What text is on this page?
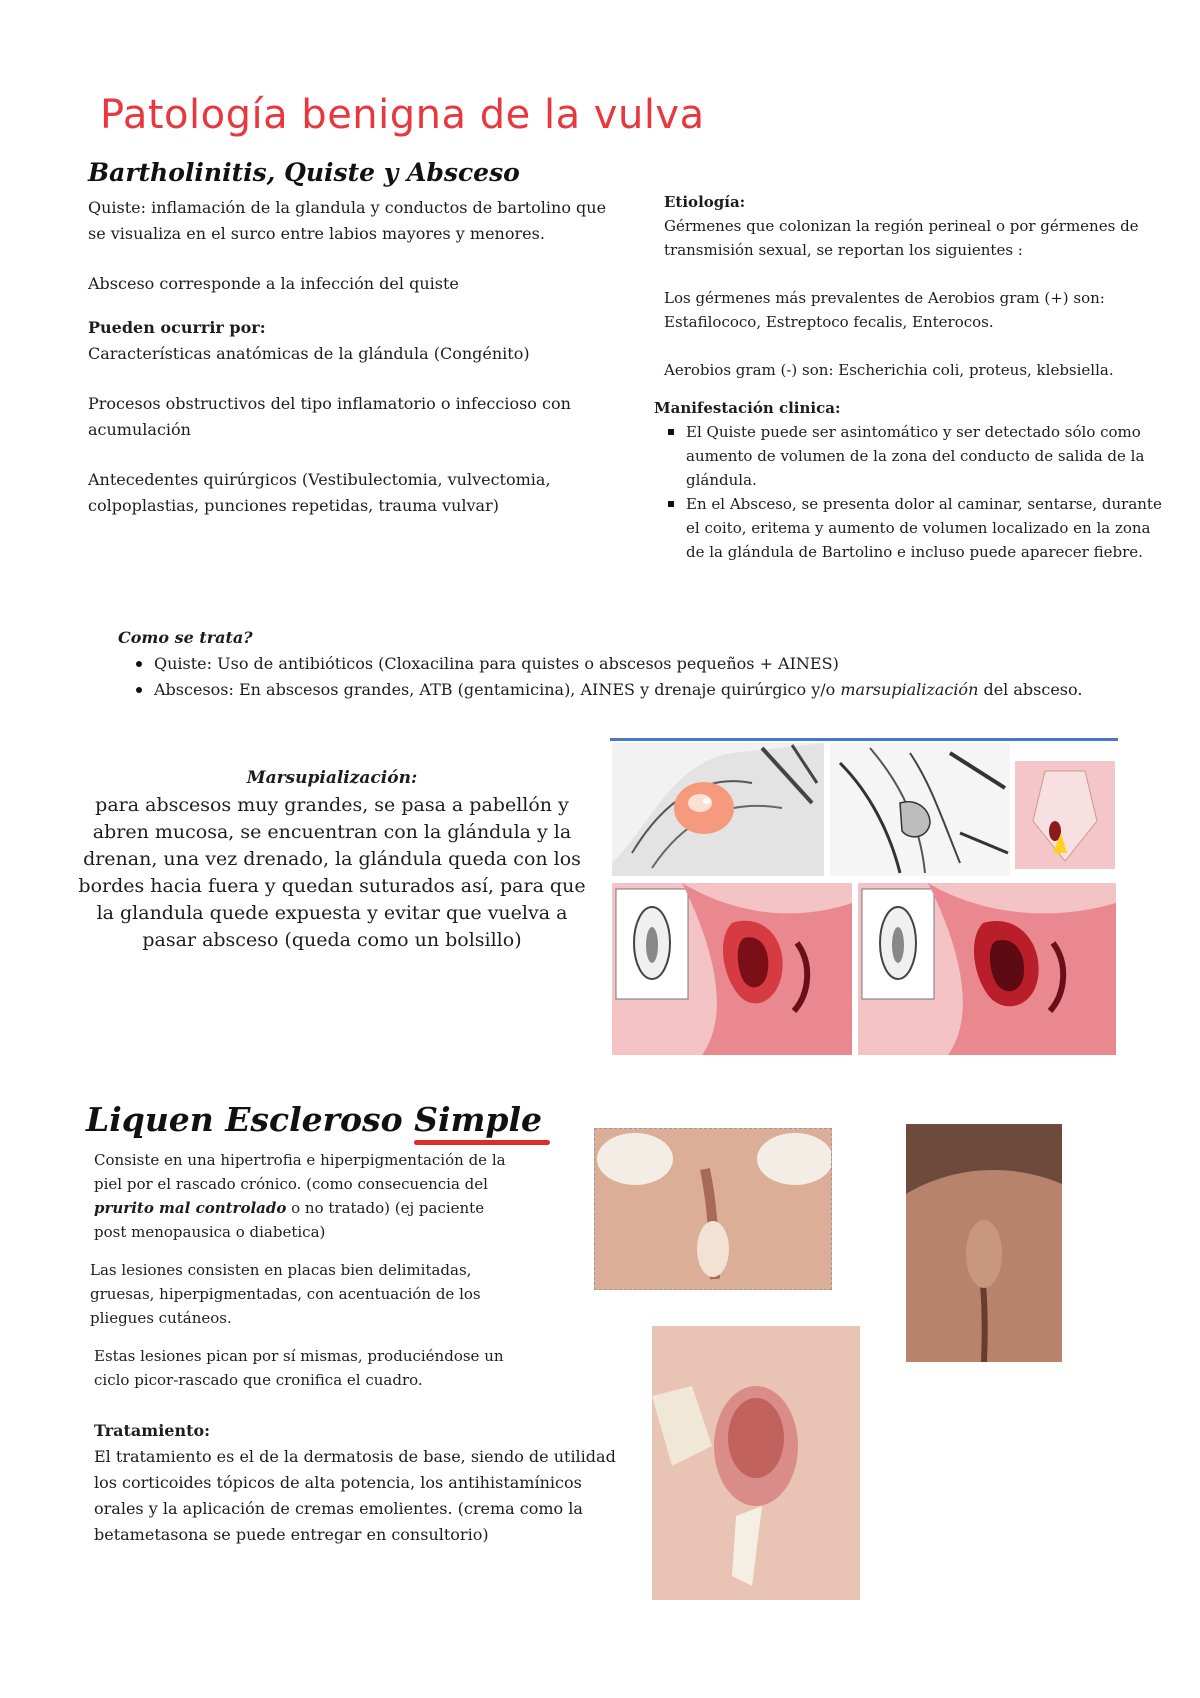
Patología benigna de la vulva
Bartholinitis, Quiste y Absceso

Quiste: inflamación de la glandula y conductos de bartolino que se visualiza en el surco entre labios mayores y menores.

Absceso corresponde a la infección del quiste

Pueden ocurrir por:

Características anatómicas de la glándula (Congénito)

Procesos obstructivos del tipo inflamatorio o infeccioso con acumulación

Antecedentes quirúrgicos (Vestibulectomia, vulvectomia, colpoplastias, punciones repetidas, trauma vulvar)

Etiología:

Gérmenes que colonizan la región perineal o por gérmenes de transmisión sexual, se reportan los siguientes :

Los gérmenes más prevalentes de Aerobios gram (+) son: Estafilococo, Estreptoco fecalis, Enterocos.

Aerobios gram (-) son: Escherichia coli, proteus, klebsiella.

Manifestación clinica:

El Quiste puede ser asintomático y ser detectado sólo como aumento de volumen de la zona del conducto de salida de la glándula.
En el Absceso, se presenta dolor al caminar, sentarse, durante el coito, eritema y aumento de volumen localizado en la zona de la glándula de Bartolino e incluso puede aparecer fiebre.

Como se trata?

Quiste: Uso de antibióticos (Cloxacilina para quistes o abscesos pequeños + AINES)
Abscesos: En abscesos grandes, ATB (gentamicina), AINES y drenaje quirúrgico y/o marsupialización del absceso.

Marsupialización:

para abscesos muy grandes, se pasa a pabellón y abren mucosa, se encuentran con la glándula y la drenan, una vez drenado, la glándula queda con los bordes hacia fuera y quedan suturados así, para que la glandula quede expuesta y evitar que vuelva a pasar absceso (queda como un bolsillo)

Liquen Escleroso Simple

Consiste en una hipertrofia e hiperpigmentación de la piel por el rascado crónico. (como consecuencia del prurito mal controlado o no tratado) (ej paciente post menopausica o diabetica)

Las lesiones consisten en placas bien delimitadas, gruesas, hiperpigmentadas, con acentuación de los pliegues cutáneos.

Estas lesiones pican por sí mismas, produciéndose un ciclo picor-rascado que cronifica el cuadro.

Tratamiento:

El tratamiento es el de la dermatosis de base, siendo de utilidad los corticoides tópicos de alta potencia, los antihistamínicos orales y la aplicación de cremas emolientes. (crema como la betametasona se puede entregar en consultorio)
